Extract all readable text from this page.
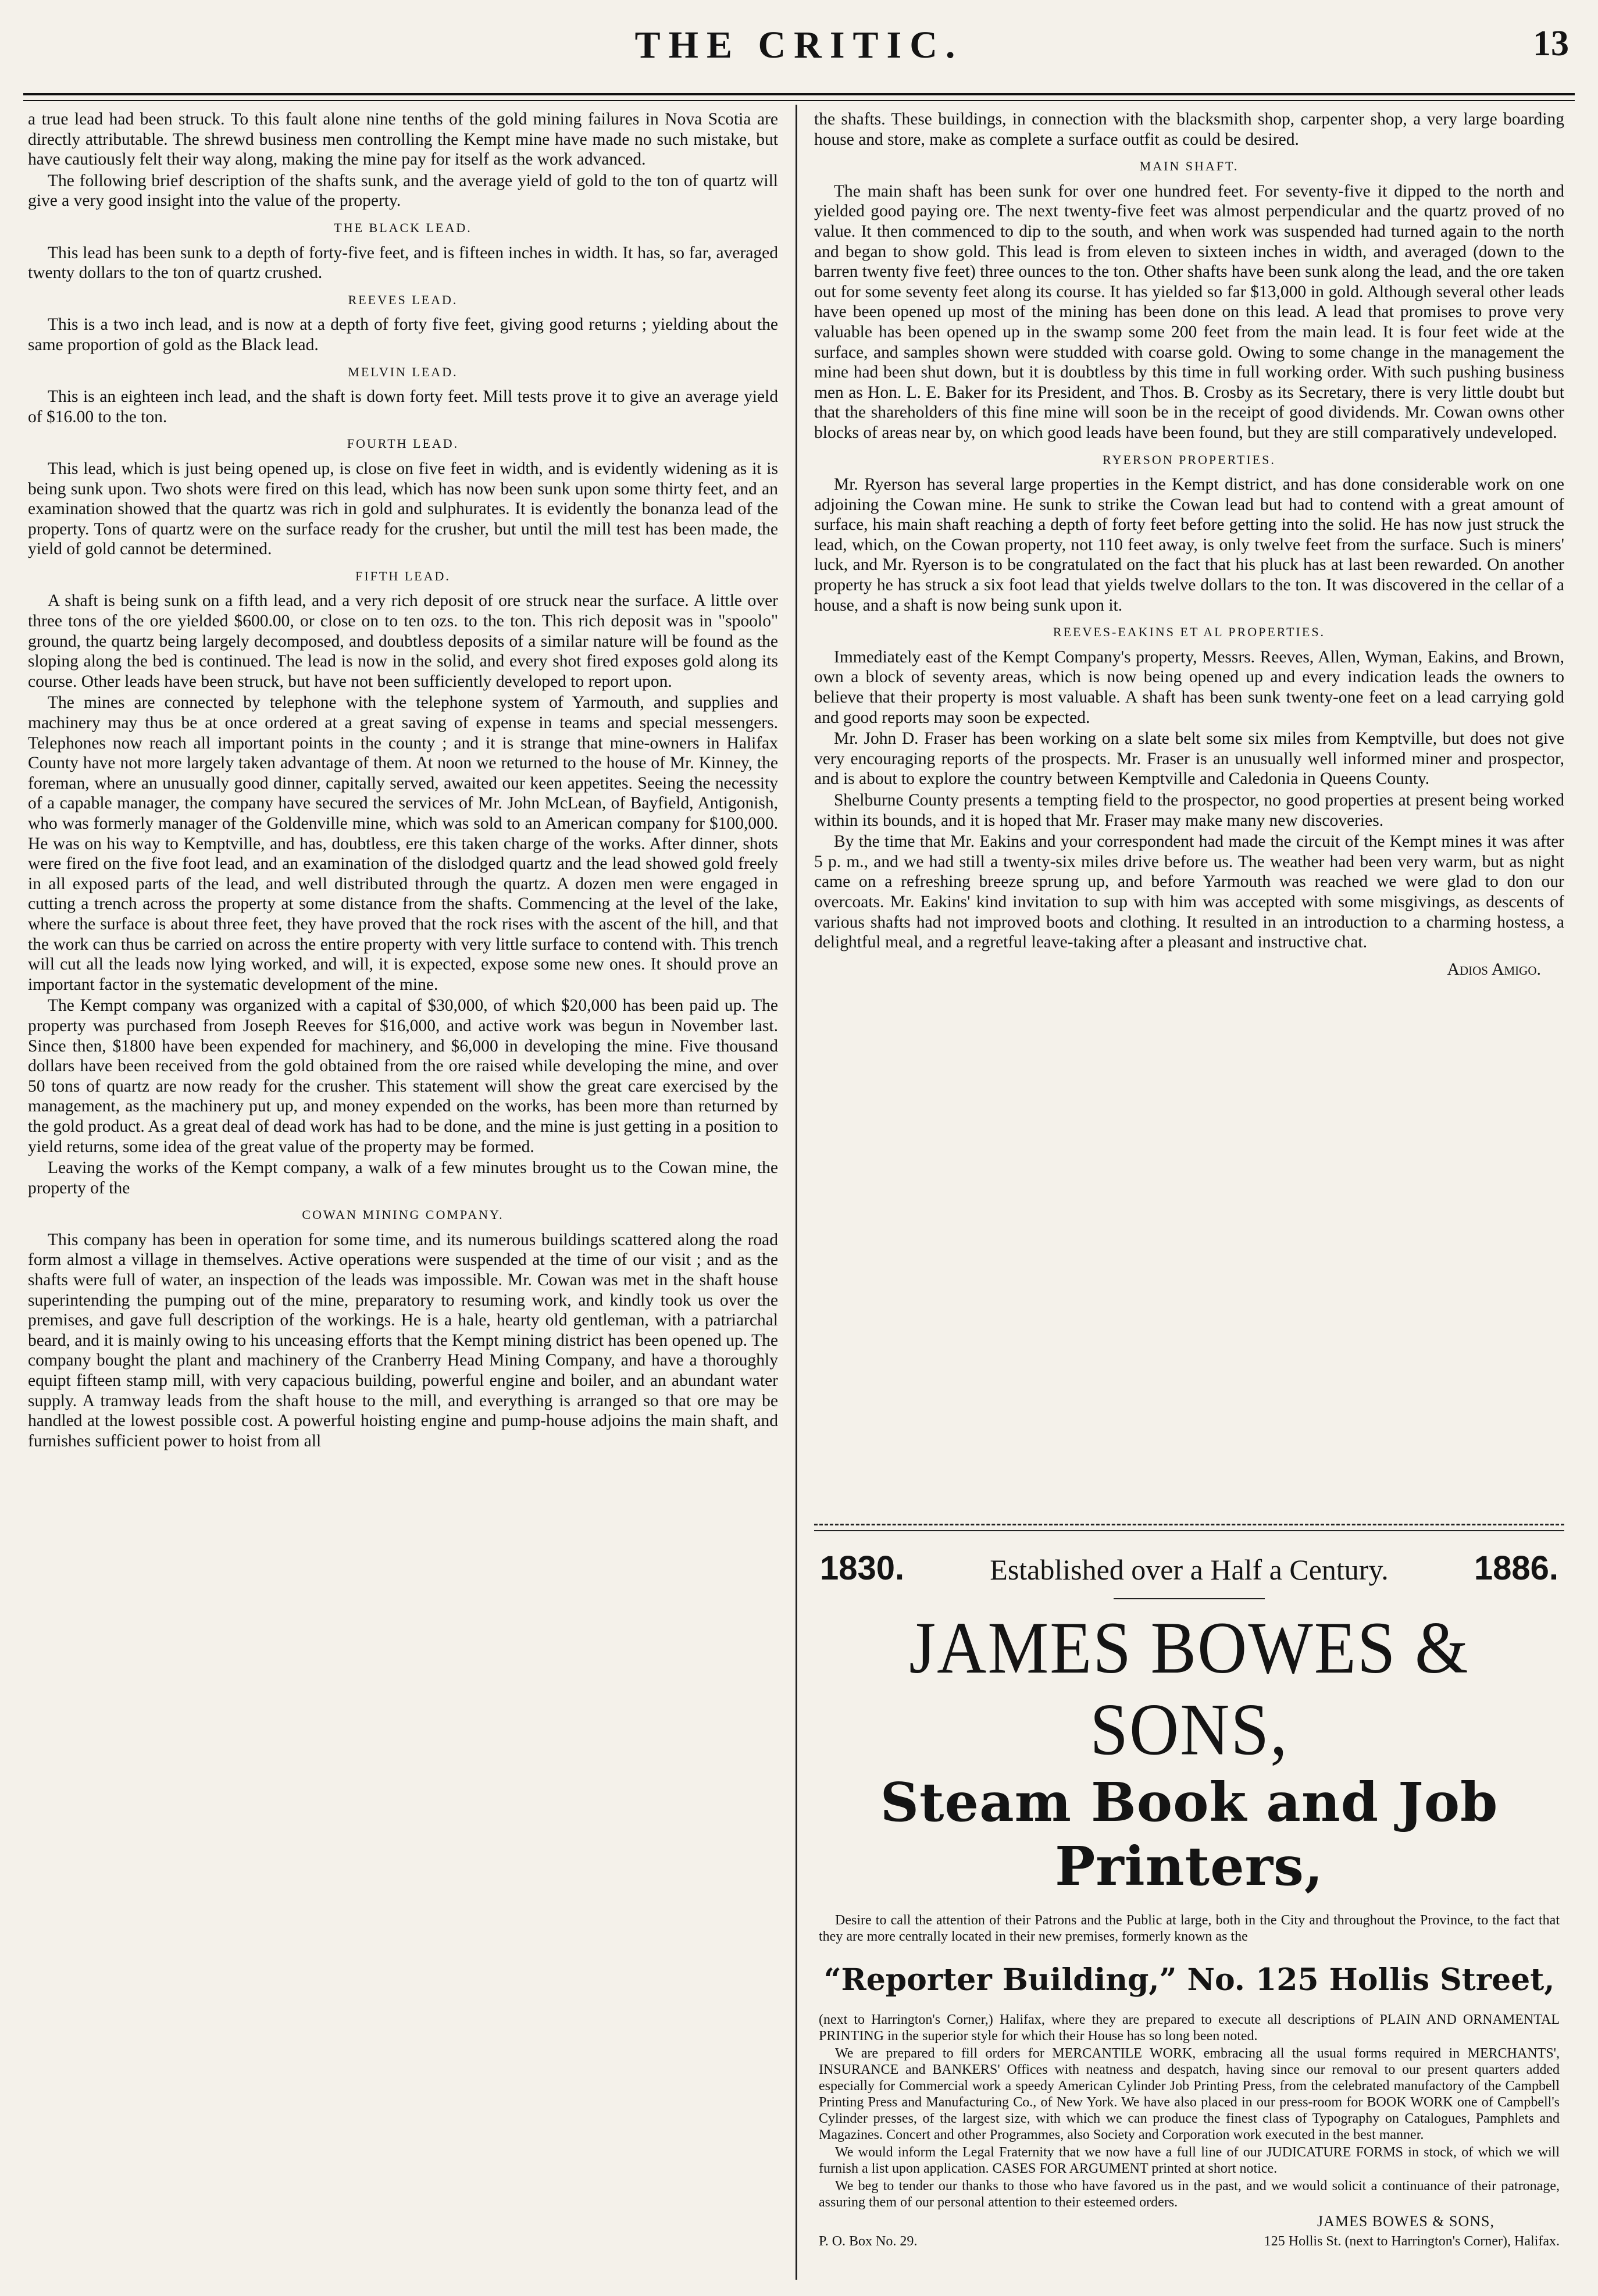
THE CRITIC.	13

a true lead had been struck. To this fault alone nine tenths of the gold mining failures in Nova Scotia are directly attributable. The shrewd business men controlling the Kempt mine have made no such mistake, but have cautiously felt their way along, making the mine pay for itself as the work advanced.

The following brief description of the shafts sunk, and the average yield of gold to the ton of quartz will give a very good insight into the value of the property.

THE BLACK LEAD.

This lead has been sunk to a depth of forty-five feet, and is fifteen inches in width. It has, so far, averaged twenty dollars to the ton of quartz crushed.

REEVES LEAD.

This is a two inch lead, and is now at a depth of forty five feet, giving good returns ; yielding about the same proportion of gold as the Black lead.

MELVIN LEAD.

This is an eighteen inch lead, and the shaft is down forty feet. Mill tests prove it to give an average yield of $16.00 to the ton.

FOURTH LEAD.

This lead, which is just being opened up, is close on five feet in width, and is evidently widening as it is being sunk upon. Two shots were fired on this lead, which has now been sunk upon some thirty feet, and an examination showed that the quartz was rich in gold and sulphurates. It is evidently the bonanza lead of the property. Tons of quartz were on the surface ready for the crusher, but until the mill test has been made, the yield of gold cannot be determined.

FIFTH LEAD.

A shaft is being sunk on a fifth lead, and a very rich deposit of ore struck near the surface. A little over three tons of the ore yielded $600.00, or close on to ten ozs. to the ton. This rich deposit was in "spoolo" ground, the quartz being largely decomposed, and doubtless deposits of a similar nature will be found as the sloping along the bed is continued. The lead is now in the solid, and every shot fired exposes gold along its course. Other leads have been struck, but have not been sufficiently developed to report upon.

The mines are connected by telephone with the telephone system of Yarmouth, and supplies and machinery may thus be at once ordered at a great saving of expense in teams and special messengers. Telephones now reach all important points in the county ; and it is strange that mine-owners in Halifax County have not more largely taken advantage of them. At noon we returned to the house of Mr. Kinney, the foreman, where an unusually good dinner, capitally served, awaited our keen appetites. Seeing the necessity of a capable manager, the company have secured the services of Mr. John McLean, of Bayfield, Antigonish, who was formerly manager of the Goldenville mine, which was sold to an American company for $100,000. He was on his way to Kemptville, and has, doubtless, ere this taken charge of the works. After dinner, shots were fired on the five foot lead, and an examination of the dislodged quartz and the lead showed gold freely in all exposed parts of the lead, and well distributed through the quartz. A dozen men were engaged in cutting a trench across the property at some distance from the shafts. Commencing at the level of the lake, where the surface is about three feet, they have proved that the rock rises with the ascent of the hill, and that the work can thus be carried on across the entire property with very little surface to contend with. This trench will cut all the leads now lying worked, and will, it is expected, expose some new ones. It should prove an important factor in the systematic development of the mine.

The Kempt company was organized with a capital of $30,000, of which $20,000 has been paid up. The property was purchased from Joseph Reeves for $16,000, and active work was begun in November last. Since then, $1800 have been expended for machinery, and $6,000 in developing the mine. Five thousand dollars have been received from the gold obtained from the ore raised while developing the mine, and over 50 tons of quartz are now ready for the crusher. This statement will show the great care exercised by the management, as the machinery put up, and money expended on the works, has been more than returned by the gold product. As a great deal of dead work has had to be done, and the mine is just getting in a position to yield returns, some idea of the great value of the property may be formed.

Leaving the works of the Kempt company, a walk of a few minutes brought us to the Cowan mine, the property of the

COWAN MINING COMPANY.

This company has been in operation for some time, and its numerous buildings scattered along the road form almost a village in themselves. Active operations were suspended at the time of our visit ; and as the shafts were full of water, an inspection of the leads was impossible. Mr. Cowan was met in the shaft house superintending the pumping out of the mine, preparatory to resuming work, and kindly took us over the premises, and gave full description of the workings. He is a hale, hearty old gentleman, with a patriarchal beard, and it is mainly owing to his unceasing efforts that the Kempt mining district has been opened up. The company bought the plant and machinery of the Cranberry Head Mining Company, and have a thoroughly equipt fifteen stamp mill, with very capacious building, powerful engine and boiler, and an abundant water supply. A tramway leads from the shaft house to the mill, and everything is arranged so that ore may be handled at the lowest possible cost. A powerful hoisting engine and pump-house adjoins the main shaft, and furnishes sufficient power to hoist from all

the shafts. These buildings, in connection with the blacksmith shop, carpenter shop, a very large boarding house and store, make as complete a surface outfit as could be desired.

MAIN SHAFT.

The main shaft has been sunk for over one hundred feet. For seventy-five it dipped to the north and yielded good paying ore. The next twenty-five feet was almost perpendicular and the quartz proved of no value. It then commenced to dip to the south, and when work was suspended had turned again to the north and began to show gold. This lead is from eleven to sixteen inches in width, and averaged (down to the barren twenty five feet) three ounces to the ton. Other shafts have been sunk along the lead, and the ore taken out for some seventy feet along its course. It has yielded so far $13,000 in gold. Although several other leads have been opened up most of the mining has been done on this lead. A lead that promises to prove very valuable has been opened up in the swamp some 200 feet from the main lead. It is four feet wide at the surface, and samples shown were studded with coarse gold. Owing to some change in the management the mine had been shut down, but it is doubtless by this time in full working order. With such pushing business men as Hon. L. E. Baker for its President, and Thos. B. Crosby as its Secretary, there is very little doubt but that the shareholders of this fine mine will soon be in the receipt of good dividends. Mr. Cowan owns other blocks of areas near by, on which good leads have been found, but they are still comparatively undeveloped.

RYERSON PROPERTIES.

Mr. Ryerson has several large properties in the Kempt district, and has done considerable work on one adjoining the Cowan mine. He sunk to strike the Cowan lead but had to contend with a great amount of surface, his main shaft reaching a depth of forty feet before getting into the solid. He has now just struck the lead, which, on the Cowan property, not 110 feet away, is only twelve feet from the surface. Such is miners' luck, and Mr. Ryerson is to be congratulated on the fact that his pluck has at last been rewarded. On another property he has struck a six foot lead that yields twelve dollars to the ton. It was discovered in the cellar of a house, and a shaft is now being sunk upon it.

REEVES-EAKINS ET AL PROPERTIES.

Immediately east of the Kempt Company's property, Messrs. Reeves, Allen, Wyman, Eakins, and Brown, own a block of seventy areas, which is now being opened up and every indication leads the owners to believe that their property is most valuable. A shaft has been sunk twenty-one feet on a lead carrying gold and good reports may soon be expected.

Mr. John D. Fraser has been working on a slate belt some six miles from Kemptville, but does not give very encouraging reports of the prospects. Mr. Fraser is an unusually well informed miner and prospector, and is about to explore the country between Kemptville and Caledonia in Queens County.

Shelburne County presents a tempting field to the prospector, no good properties at present being worked within its bounds, and it is hoped that Mr. Fraser may make many new discoveries.

By the time that Mr. Eakins and your correspondent had made the circuit of the Kempt mines it was after 5 p. m., and we had still a twenty-six miles drive before us. The weather had been very warm, but as night came on a refreshing breeze sprung up, and before Yarmouth was reached we were glad to don our overcoats. Mr. Eakins' kind invitation to sup with him was accepted with some misgivings, as descents of various shafts had not improved boots and clothing. It resulted in an introduction to a charming hostess, a delightful meal, and a regretful leave-taking after a pleasant and instructive chat.

Adios Amigo.
1830.	Established over a Half a Century.	1886.
JAMES BOWES & SONS,
Steam Book and Job Printers,

Desire to call the attention of their Patrons and the Public at large, both in the City and throughout the Province, to the fact that they are more centrally located in their new premises, formerly known as the

“Reporter Building,” No. 125 Hollis Street,

(next to Harrington's Corner,) Halifax, where they are prepared to execute all descriptions of PLAIN AND ORNAMENTAL PRINTING in the superior style for which their House has so long been noted.

We are prepared to fill orders for MERCANTILE WORK, embracing all the usual forms required in MERCHANTS', INSURANCE and BANKERS' Offices with neatness and despatch, having since our removal to our present quarters added especially for Commercial work a speedy American Cylinder Job Printing Press, from the celebrated manufactory of the Campbell Printing Press and Manufacturing Co., of New York. We have also placed in our press-room for BOOK WORK one of Campbell's Cylinder presses, of the largest size, with which we can produce the finest class of Typography on Catalogues, Pamphlets and Magazines. Concert and other Programmes, also Society and Corporation work executed in the best manner.

We would inform the Legal Fraternity that we now have a full line of our JUDICATURE FORMS in stock, of which we will furnish a list upon application. CASES FOR ARGUMENT printed at short notice.

We beg to tender our thanks to those who have favored us in the past, and we would solicit a continuance of their patronage, assuring them of our personal attention to their esteemed orders.

JAMES BOWES & SONS,
P. O. Box No. 29.	125 Hollis St. (next to Harrington's Corner), Halifax.
